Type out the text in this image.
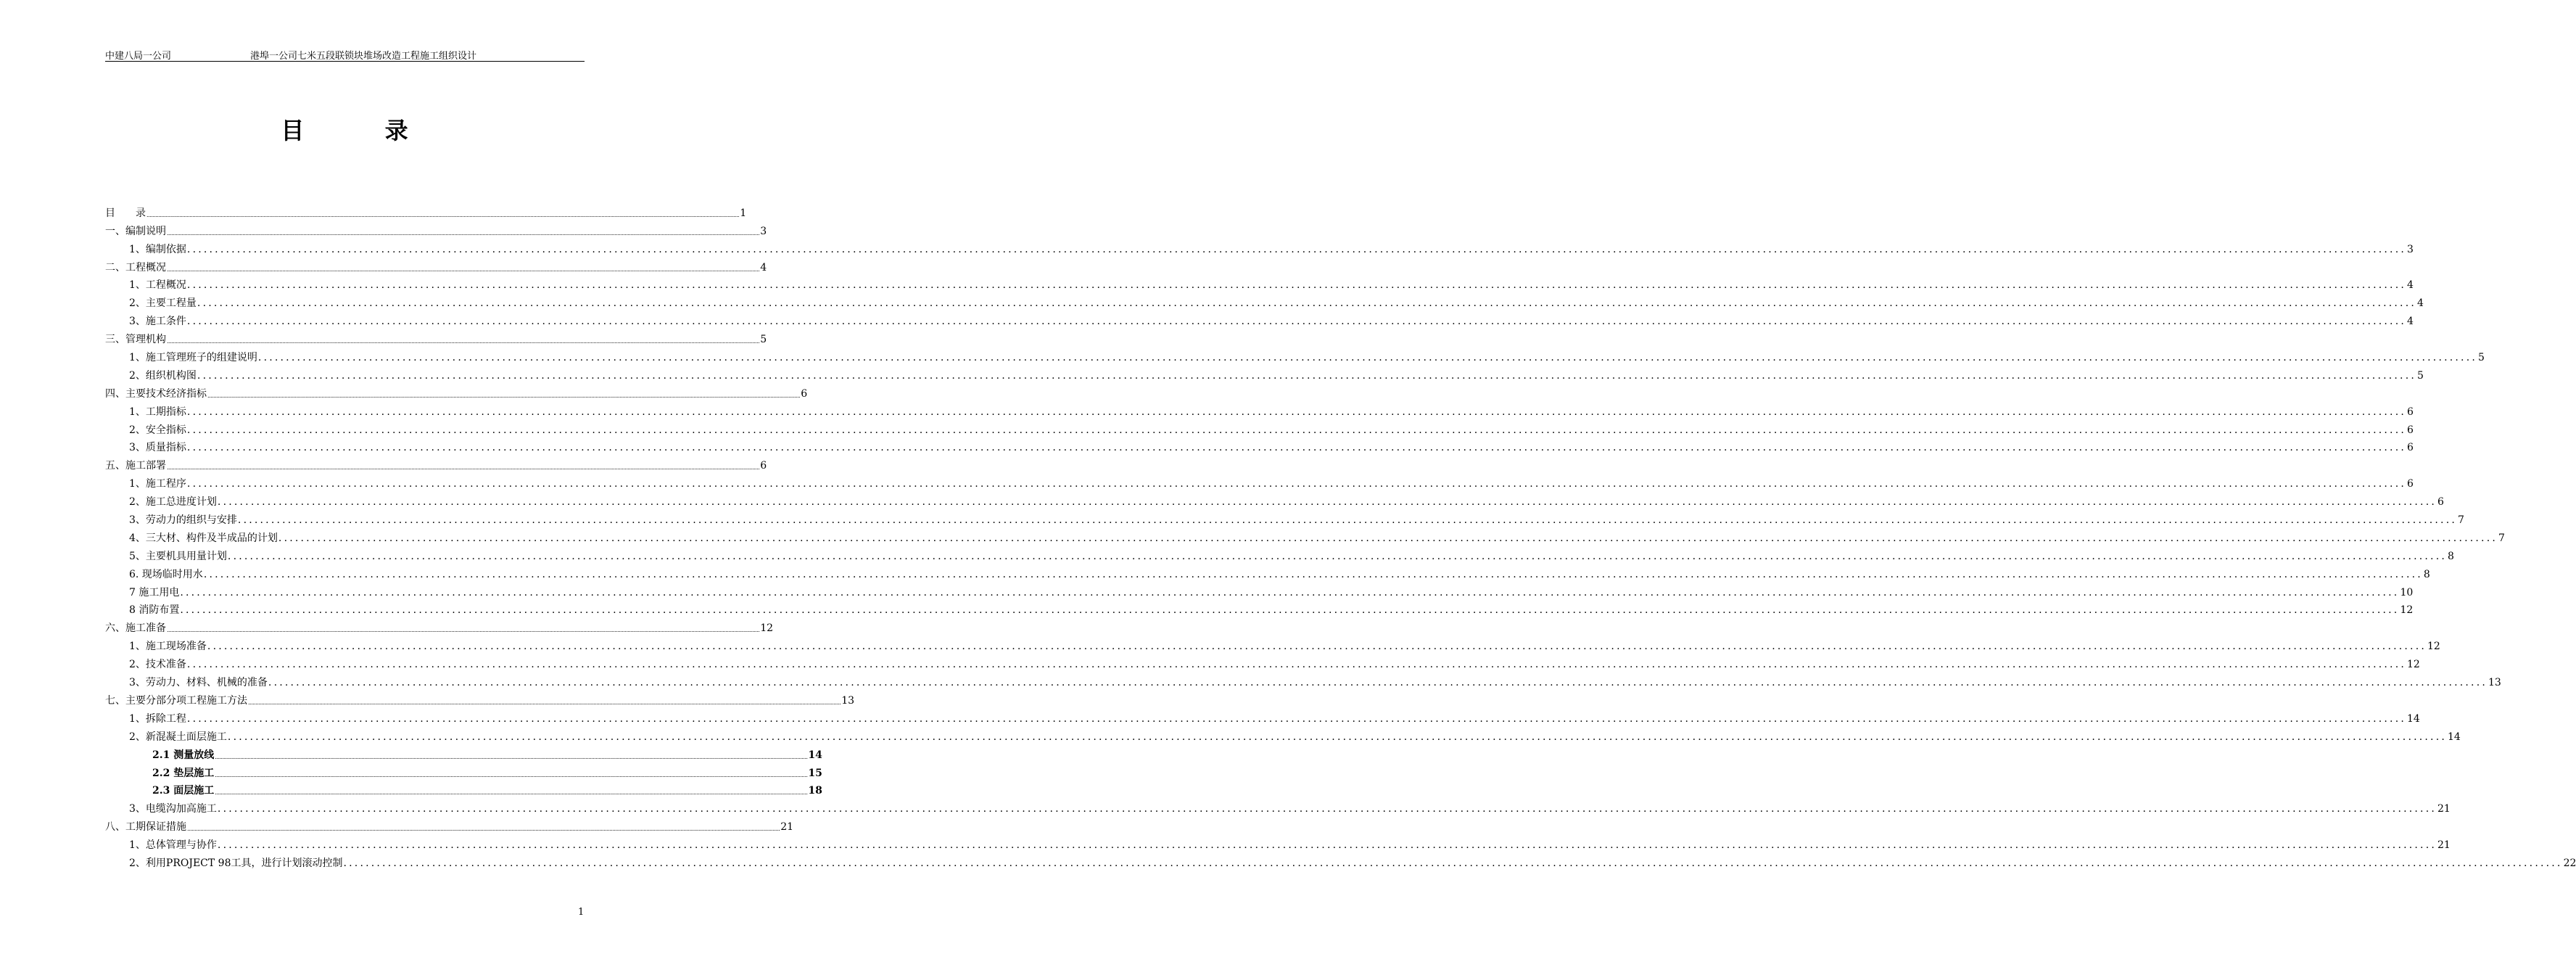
中建八局一公司	港埠一公司七米五段联锁块堆场改造工程施工组织设计
目 录
目　　录 ................................................................................................................................................................................................................................................................................................................................................................................................................ 1
一、编制说明 ................................................................................................................................................................................................................................................................................................................................................................................................................ 3
1、编制依据 ................................................................................................................................................................................................................................................................................................................................................................................................................ 3
二、工程概况 ................................................................................................................................................................................................................................................................................................................................................................................................................ 4
1、工程概况 ................................................................................................................................................................................................................................................................................................................................................................................................................ 4
2、主要工程量 ................................................................................................................................................................................................................................................................................................................................................................................................................ 4
3、施工条件 ................................................................................................................................................................................................................................................................................................................................................................................................................ 4
三、管理机构 ................................................................................................................................................................................................................................................................................................................................................................................................................ 5
1、施工管理班子的组建说明 ................................................................................................................................................................................................................................................................................................................................................................................................................ 5
2、组织机构图 ................................................................................................................................................................................................................................................................................................................................................................................................................ 5
四、主要技术经济指标 ................................................................................................................................................................................................................................................................................................................................................................................................................ 6
1、工期指标 ................................................................................................................................................................................................................................................................................................................................................................................................................ 6
2、安全指标 ................................................................................................................................................................................................................................................................................................................................................................................................................ 6
3、质量指标 ................................................................................................................................................................................................................................................................................................................................................................................................................ 6
五、施工部署 ................................................................................................................................................................................................................................................................................................................................................................................................................ 6
1、施工程序 ................................................................................................................................................................................................................................................................................................................................................................................................................ 6
2、施工总进度计划 ................................................................................................................................................................................................................................................................................................................................................................................................................ 6
3、劳动力的组织与安排 ................................................................................................................................................................................................................................................................................................................................................................................................................ 7
4、三大材、构件及半成品的计划 ................................................................................................................................................................................................................................................................................................................................................................................................................ 7
5、主要机具用量计划 ................................................................................................................................................................................................................................................................................................................................................................................................................ 8
6. 现场临时用水 ................................................................................................................................................................................................................................................................................................................................................................................................................ 8
7 施工用电 ................................................................................................................................................................................................................................................................................................................................................................................................................ 10
8 消防布置 ................................................................................................................................................................................................................................................................................................................................................................................................................ 12
六、施工准备 ................................................................................................................................................................................................................................................................................................................................................................................................................ 12
1、施工现场准备 ................................................................................................................................................................................................................................................................................................................................................................................................................ 12
2、技术准备 ................................................................................................................................................................................................................................................................................................................................................................................................................ 12
3、劳动力、材料、机械的准备 ................................................................................................................................................................................................................................................................................................................................................................................................................ 13
七、主要分部分项工程施工方法 ................................................................................................................................................................................................................................................................................................................................................................................................................ 13
1、拆除工程 ................................................................................................................................................................................................................................................................................................................................................................................................................ 14
2、新混凝土面层施工 ................................................................................................................................................................................................................................................................................................................................................................................................................ 14
2.1 测量放线 ................................................................................................................................................................................................................................................................................................................................................................................................................ 14
2.2 垫层施工 ................................................................................................................................................................................................................................................................................................................................................................................................................ 15
2.3 面层施工 ................................................................................................................................................................................................................................................................................................................................................................................................................ 18
3、电缆沟加高施工 ................................................................................................................................................................................................................................................................................................................................................................................................................ 21
八、工期保证措施 ................................................................................................................................................................................................................................................................................................................................................................................................................ 21
1、总体管理与协作 ................................................................................................................................................................................................................................................................................................................................................................................................................ 21
2、利用PROJECT 98工具，进行计划滚动控制 ................................................................................................................................................................................................................................................................................................................................................................................................................ 22
1
